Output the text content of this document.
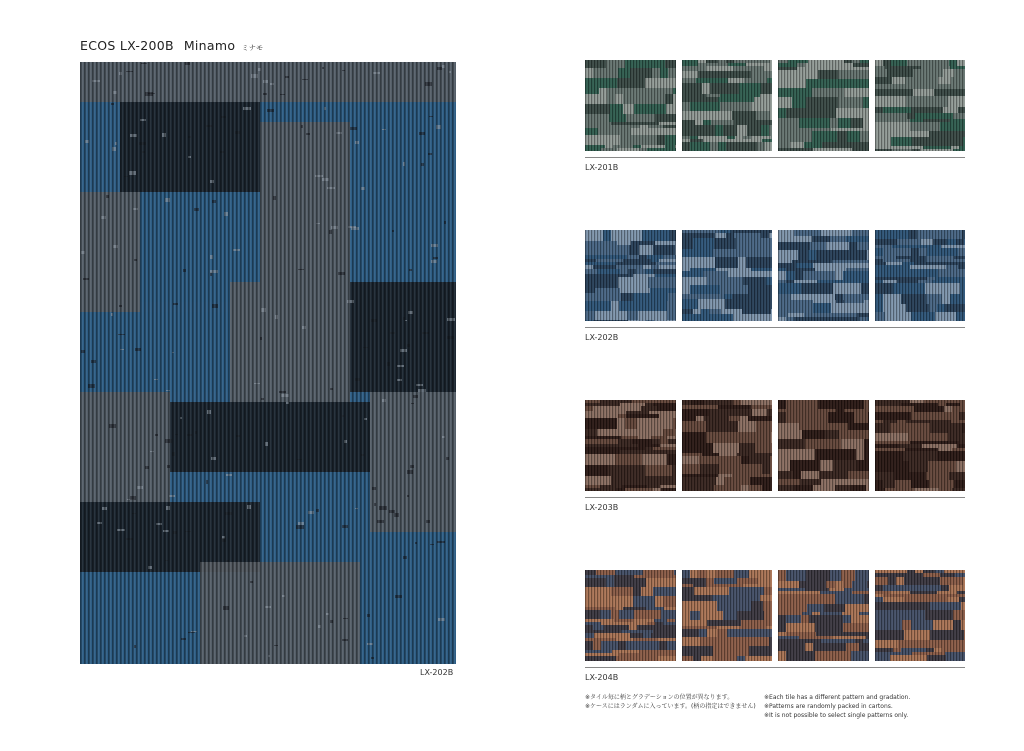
ECOS LX-200B Minamo ミナモ
LX-202B
LX-201B
LX-202B
LX-203B
LX-204B
※タイル毎に柄とグラデーションの位置が異なります。
※ケースにはランダムに入っています。(柄の指定はできません)
※Each tile has a different pattern and gradation.
※Patterns are randomly packed in cartons.
※It is not possible to select single patterns only.
